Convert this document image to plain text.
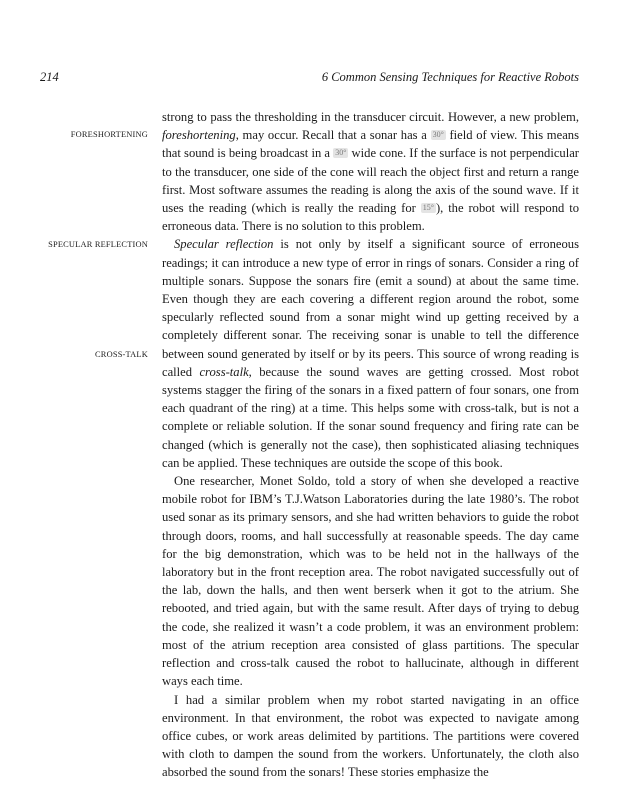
214	6 Common Sensing Techniques for Reactive Robots
FORESHORTENING
SPECULAR REFLECTION
CROSS-TALK

strong to pass the thresholding in the transducer circuit. However, a new problem, foreshortening, may occur. Recall that a sonar has a 30° field of view. This means that sound is being broadcast in a 30° wide cone. If the surface is not perpendicular to the transducer, one side of the cone will reach the object first and return a range first. Most software assumes the reading is along the axis of the sound wave. If it uses the reading (which is really the reading for 15° ), the robot will respond to erroneous data. There is no solution to this problem.

Specular reflection is not only by itself a significant source of erroneous readings; it can introduce a new type of error in rings of sonars. Consider a ring of multiple sonars. Suppose the sonars fire (emit a sound) at about the same time. Even though they are each covering a different region around the robot, some specularly reflected sound from a sonar might wind up getting received by a completely different sonar. The receiving sonar is unable to tell the difference between sound generated by itself or by its peers. This source of wrong reading is called cross-talk, because the sound waves are getting crossed. Most robot systems stagger the firing of the sonars in a fixed pattern of four sonars, one from each quadrant of the ring) at a time. This helps some with cross-talk, but is not a complete or reliable solution. If the sonar sound frequency and firing rate can be changed (which is generally not the case), then sophisticated aliasing techniques can be applied. These techniques are outside the scope of this book.

One researcher, Monet Soldo, told a story of when she developed a reactive mobile robot for IBM’s T.J.Watson Laboratories during the late 1980’s. The robot used sonar as its primary sensors, and she had written behaviors to guide the robot through doors, rooms, and hall successfully at reasonable speeds. The day came for the big demonstration, which was to be held not in the hallways of the laboratory but in the front reception area. The robot navigated successfully out of the lab, down the halls, and then went berserk when it got to the atrium. She rebooted, and tried again, but with the same result. After days of trying to debug the code, she realized it wasn’t a code problem, it was an environment problem: most of the atrium reception area consisted of glass partitions. The specular reflection and cross-talk caused the robot to hallucinate, although in different ways each time.

I had a similar problem when my robot started navigating in an office environment. In that environment, the robot was expected to navigate among office cubes, or work areas delimited by partitions. The partitions were covered with cloth to dampen the sound from the workers. Unfortunately, the cloth also absorbed the sound from the sonars! These stories emphasize the
